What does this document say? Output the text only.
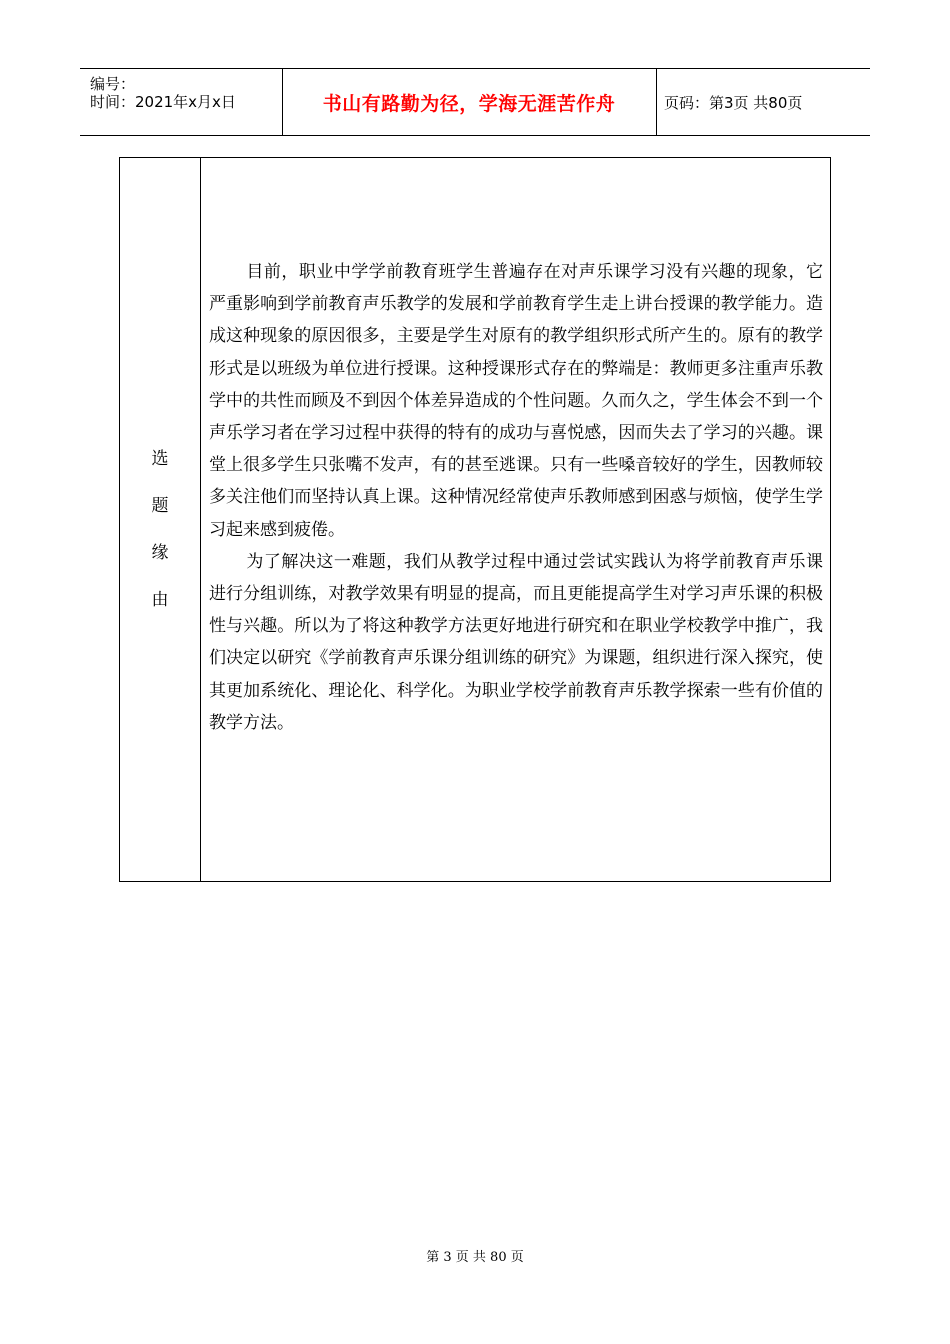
编号：
时间：2021年x月x日	书山有路勤为径，学海无涯苦作舟	页码：第3页 共80页
选
题
缘
由

目前，职业中学学前教育班学生普遍存在对声乐课学习没有兴趣的现象，它严重影响到学前教育声乐教学的发展和学前教育学生走上讲台授课的教学能力。造成这种现象的原因很多，主要是学生对原有的教学组织形式所产生的。原有的教学形式是以班级为单位进行授课。这种授课形式存在的弊端是：教师更多注重声乐教学中的共性而顾及不到因个体差异造成的个性问题。久而久之，学生体会不到一个声乐学习者在学习过程中获得的特有的成功与喜悦感，因而失去了学习的兴趣。课堂上很多学生只张嘴不发声，有的甚至逃课。只有一些嗓音较好的学生，因教师较多关注他们而坚持认真上课。这种情况经常使声乐教师感到困惑与烦恼，使学生学习起来感到疲倦。

为了解决这一难题，我们从教学过程中通过尝试实践认为将学前教育声乐课进行分组训练，对教学效果有明显的提高，而且更能提高学生对学习声乐课的积极性与兴趣。所以为了将这种教学方法更好地进行研究和在职业学校教学中推广，我们决定以研究《学前教育声乐课分组训练的研究》为课题，组织进行深入探究，使其更加系统化、理论化、科学化。为职业学校学前教育声乐教学探索一些有价值的教学方法。

第 3 页 共 80 页
